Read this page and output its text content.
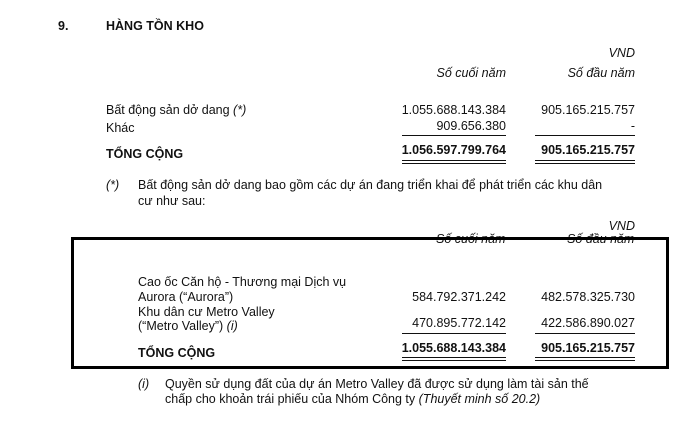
9.	HÀNG TỒN KHO
VND
Số cuối năm	Số đầu năm
Bất động sản dở dang (*)	1.055.688.143.384	905.165.215.757
Khác	909.656.380	-
TỔNG CỘNG	1.056.597.799.764	905.165.215.757
(*) Bất động sản dở dang bao gồm các dự án đang triển khai để phát triển các khu dân
cư như sau:
VND
Số cuối năm	Số đầu năm
Cao ốc Căn hộ - Thương mại Dịch vụ
Aurora (“Aurora”)	584.792.371.242	482.578.325.730
Khu dân cư Metro Valley
(“Metro Valley”) (i)	470.895.772.142	422.586.890.027
TỔNG CỘNG	1.055.688.143.384	905.165.215.757
(i) Quyền sử dụng đất của dự án Metro Valley đã được sử dụng làm tài sản thế
chấp cho khoản trái phiếu của Nhóm Công ty (Thuyết minh số 20.2)
